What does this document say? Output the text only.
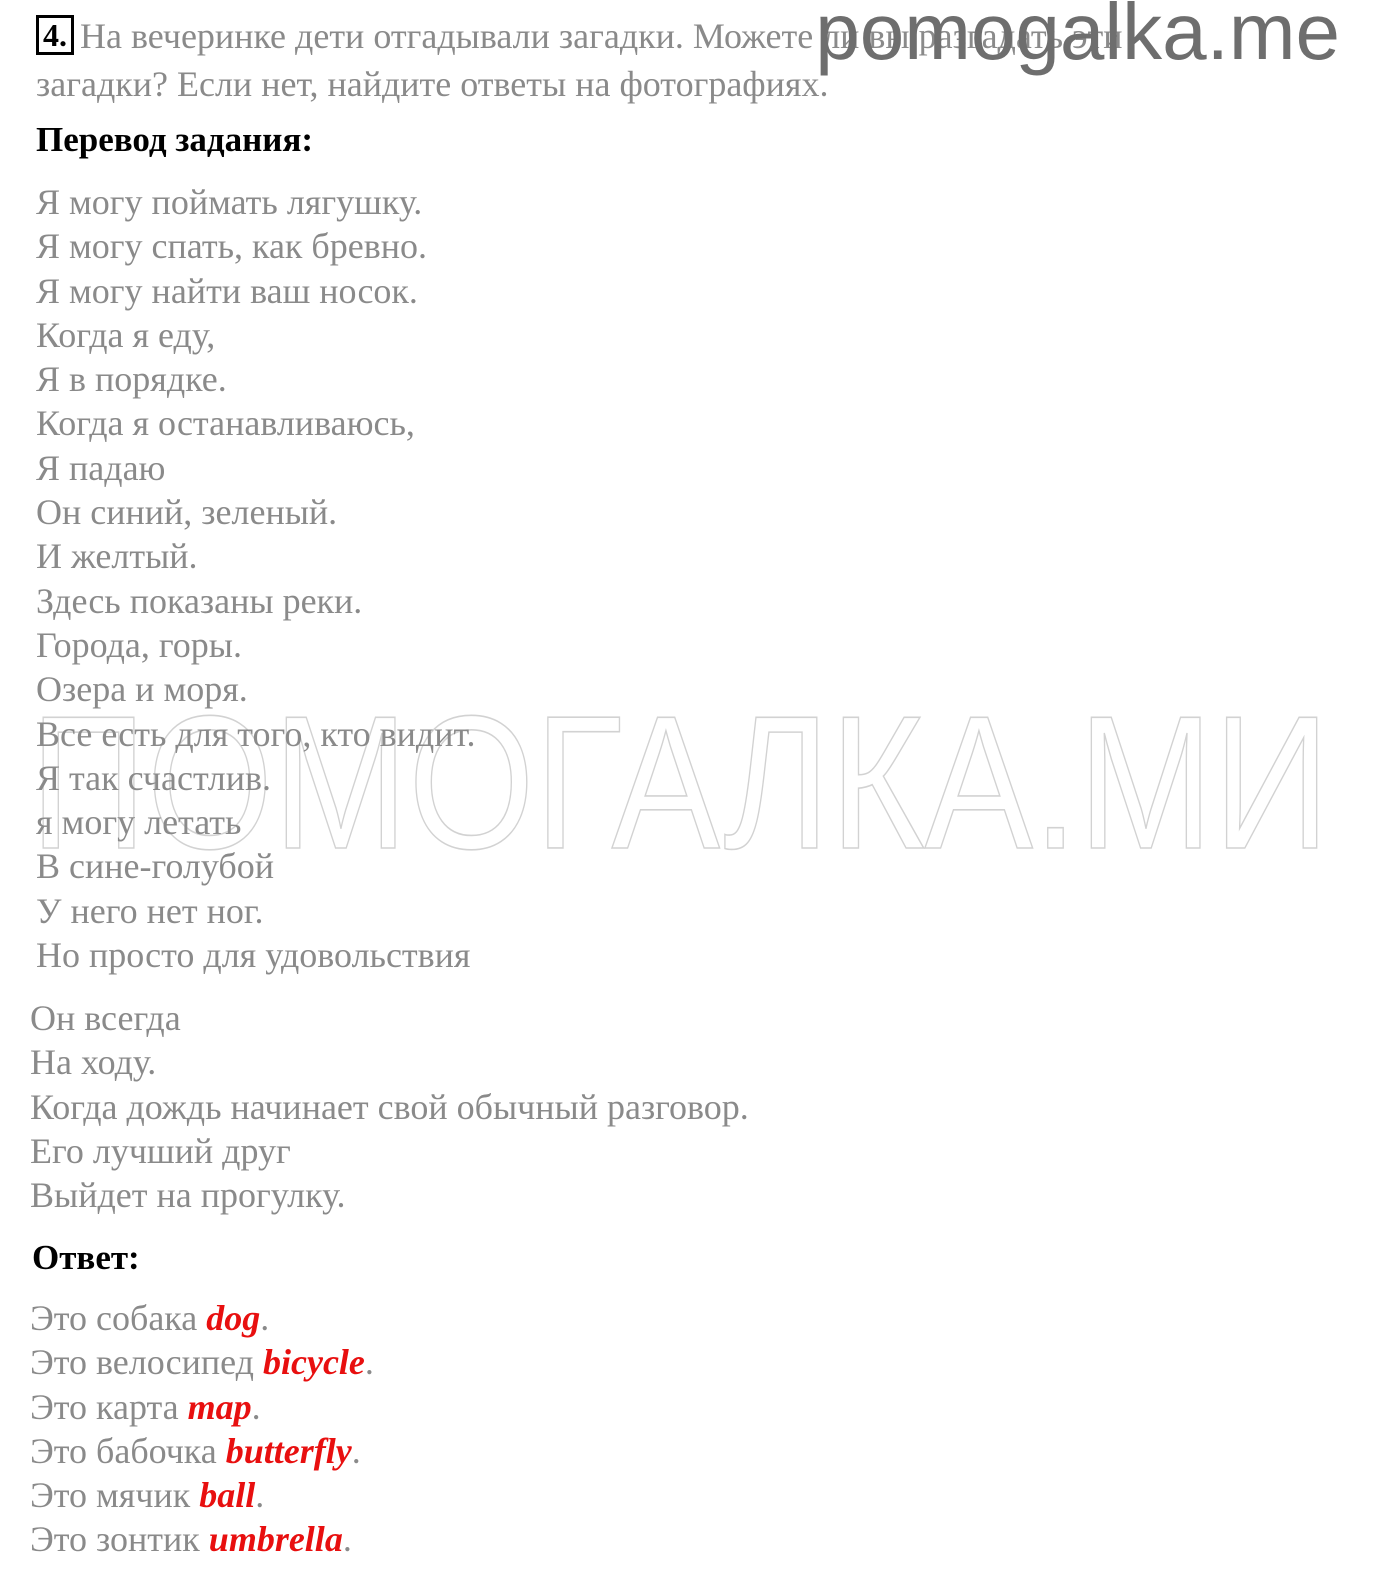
ПОМОГАЛКА.МИ
pomogalka.me
4. На вечеринке дети отгадывали загадки. Можете ли вы разгадать эти загадки? Если нет, найдите ответы на фотографиях.
Перевод задания:
Я могу поймать лягушку.
Я могу спать, как бревно.
Я могу найти ваш носок.
Когда я еду,
Я в порядке.
Когда я останавливаюсь,
Я падаю
Он синий, зеленый.
И желтый.
Здесь показаны реки.
Города, горы.
Озера и моря.
Все есть для того, кто видит.
Я так счастлив.
я могу летать
В сине-голубой
У него нет ног.
Но просто для удовольствия
Он всегда
На ходу.
Когда дождь начинает свой обычный разговор.
Его лучший друг
Выйдет на прогулку.
Ответ:
Это собака dog.
Это велосипед bicycle.
Это карта map.
Это бабочка butterfly.
Это мячик ball.
Это зонтик umbrella.
